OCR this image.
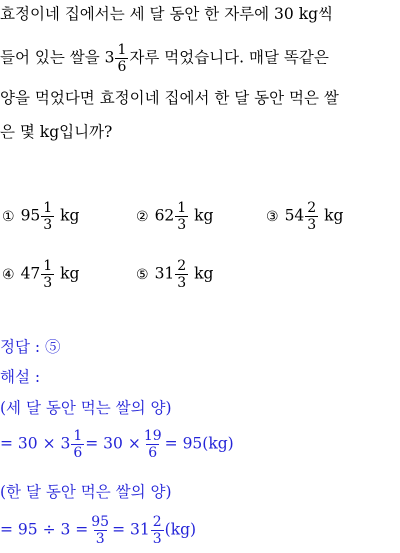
효정이네 집에서는 세 달 동안 한 자루에 30 kg씩
들어 있는 쌀을 $3 \frac{1}{6}$ 자루 먹었습니다. 매달 똑같은
양을 먹었다면 효정이네 집에서 한 달 동안 먹은 쌀
은 몇 kg입니까?
① $95 \frac{1}{3}$ kg	② $62 \frac{1}{3}$ kg	③ $54 \frac{2}{3}$ kg
④ $47 \frac{1}{3}$ kg	⑤ $31 \frac{2}{3}$ kg
정답 : ⑤
해설 :
(세 달 동안 먹는 쌀의 양)
= $30 \times 3 \frac{1}{6} = 30 \times \frac{19}{6} = 95(kg)$
(한 달 동안 먹은 쌀의 양)
= $95 \div 3 = \frac{95}{3} = 31 \frac{2}{3} (kg)$
